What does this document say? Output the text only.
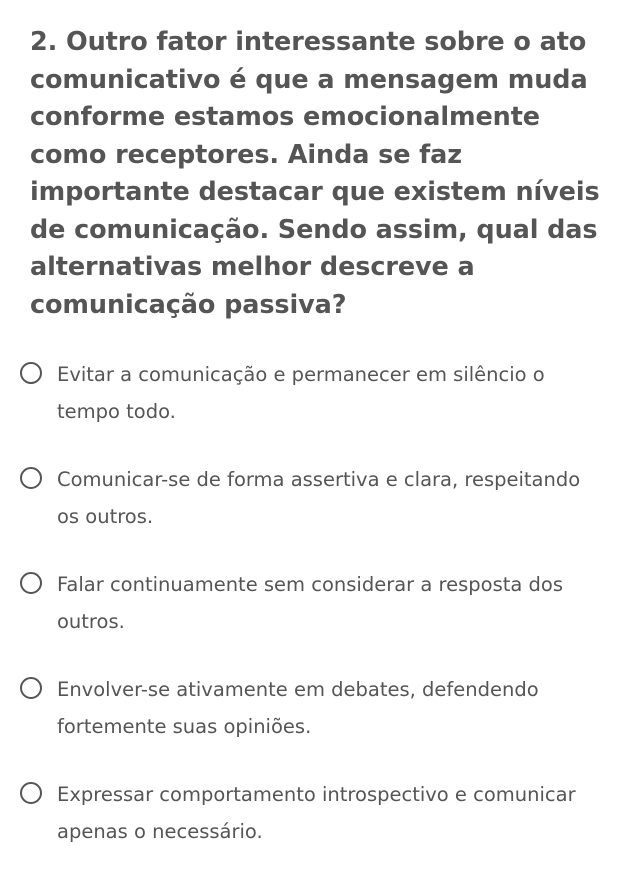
2. Outro fator interessante sobre o ato comunicativo é que a mensagem muda conforme estamos emocionalmente como receptores. Ainda se faz importante destacar que existem níveis de comunicação. Sendo assim, qual das alternativas melhor descreve a comunicação passiva?
Evitar a comunicação e permanecer em silêncio o tempo todo.
Comunicar-se de forma assertiva e clara, respeitando os outros.
Falar continuamente sem considerar a resposta dos outros.
Envolver-se ativamente em debates, defendendo fortemente suas opiniões.
Expressar comportamento introspectivo e comunicar apenas o necessário.
